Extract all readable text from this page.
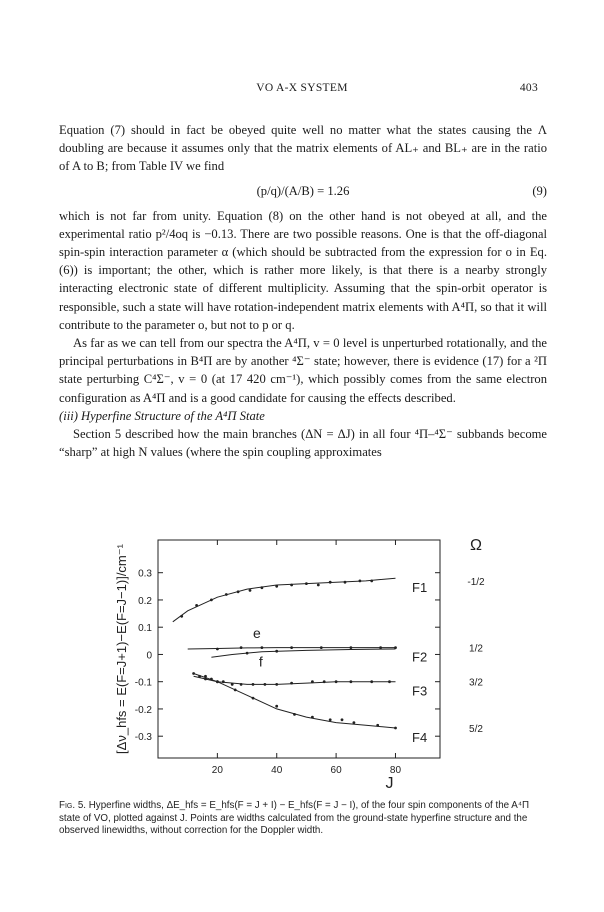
VO A-X SYSTEM	403

Equation (7) should in fact be obeyed quite well no matter what the states causing the Λ doubling are because it assumes only that the matrix elements of AL₊ and BL₊ are in the ratio of A to B; from Table IV we find

(p/q)/(A/B) = 1.26	(9)

which is not far from unity. Equation (8) on the other hand is not obeyed at all, and the experimental ratio p²/4oq is −0.13. There are two possible reasons. One is that the off-diagonal spin-spin interaction parameter α (which should be subtracted from the expression for o in Eq. (6)) is important; the other, which is rather more likely, is that there is a nearby strongly interacting electronic state of different multiplicity. Assuming that the spin-orbit operator is responsible, such a state will have rotation-independent matrix elements with A⁴Π, so that it will contribute to the parameter o, but not to p or q.

As far as we can tell from our spectra the A⁴Π, v = 0 level is unperturbed rotationally, and the principal perturbations in B⁴Π are by another ⁴Σ⁻ state; however, there is evidence (17) for a ²Π state perturbing C⁴Σ⁻, v = 0 (at 17 420 cm⁻¹), which possibly comes from the same electron configuration as A⁴Π and is a good candidate for causing the effects described.

(iii) Hyperfine Structure of the A⁴Π State

Section 5 described how the main branches (ΔN = ΔJ) in all four ⁴Π–⁴Σ⁻ subbands become “sharp” at high N values (where the spin coupling approximates

20	40	60	80
0.3
0.2
0.1
0
-0.1
-0.2
-0.3
J
[Δν_hfs = E(F=J+1)−E(F=J−1)]/cm⁻¹	F1
F2
F3
F4
e
f
Ω
-1/2
1/2
3/2
5/2

Fig. 5. Hyperfine widths, ΔE_hfs = E_hfs(F = J + I) − E_hfs(F = J − I), of the four spin components of the A⁴Π state of VO, plotted against J. Points are widths calculated from the ground-state hyperfine structure and the observed linewidths, without correction for the Doppler width.
